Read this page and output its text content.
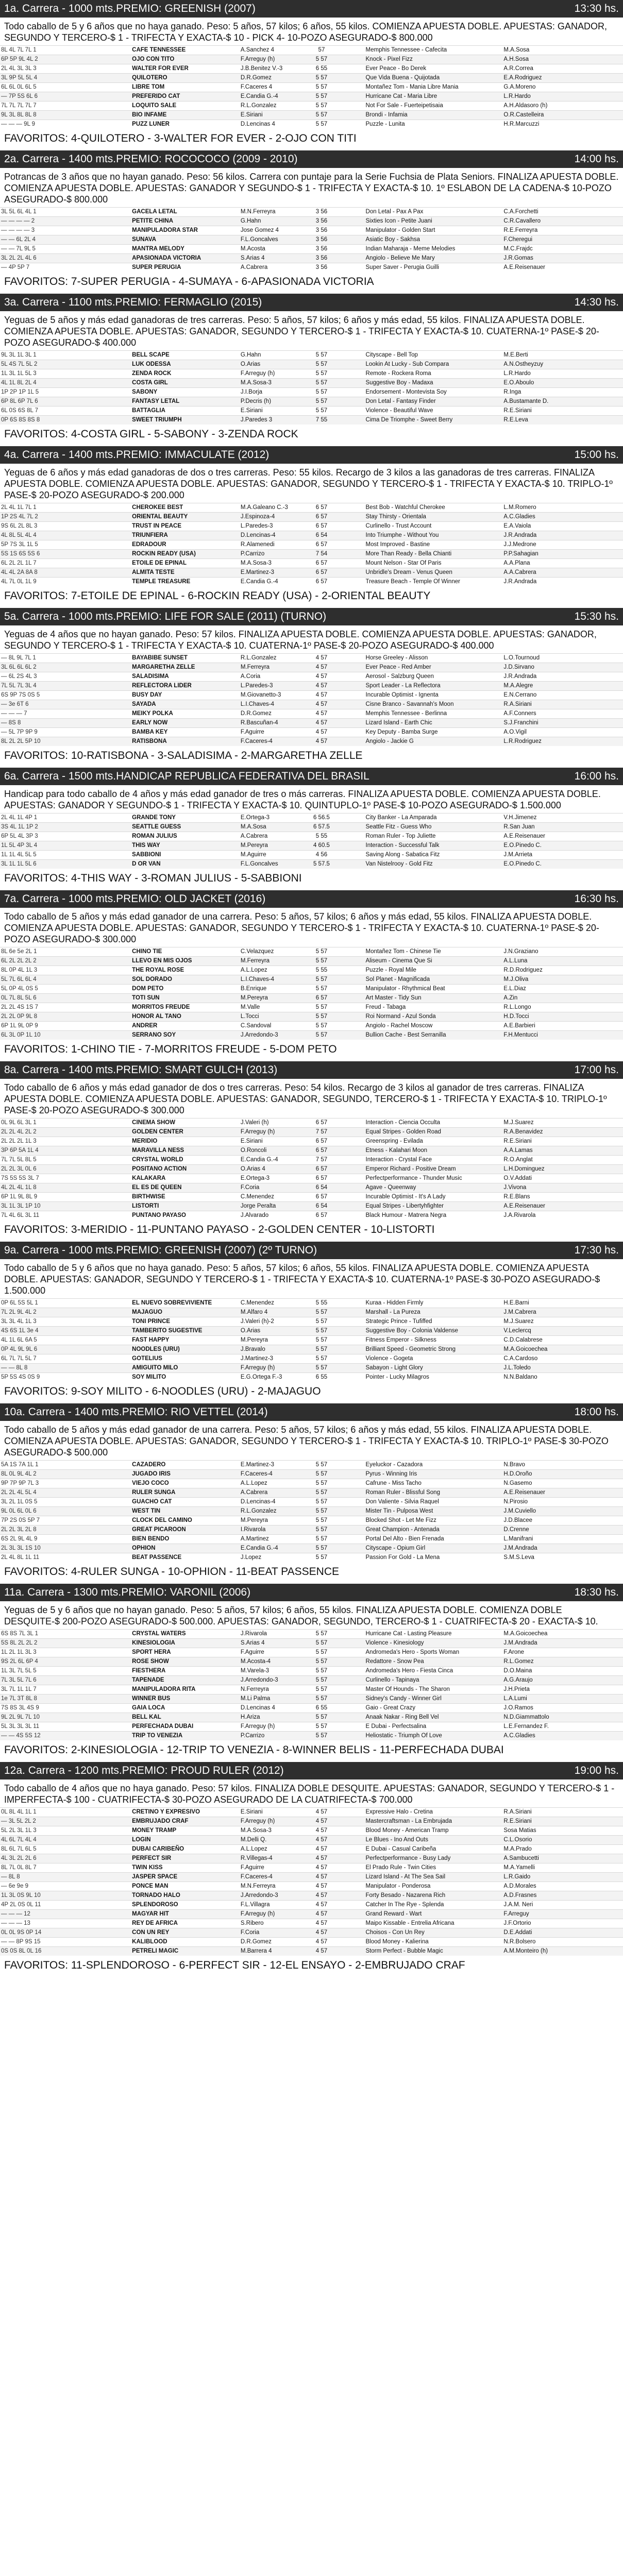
1a. Carrera - 1000 mts.PREMIO: GREENISH (2007)	13:30 hs.
Todo caballo de 5 y 6 años que no haya ganado. Peso: 5 años, 57 kilos; 6 años, 55 kilos. COMIENZA APUESTA DOBLE. APUESTAS: GANADOR, SEGUNDO Y TERCERO-$ 1 - TRIFECTA Y EXACTA-$ 10 - PICK 4- 10-POZO ASEGURADO-$ 800.000
8L 4L 7L 7L 1	CAFE TENNESSEE	A.Sanchez 4	57		Memphis Tennessee - Cafecita	M.A.Sosa
6P 5P 9L 4L 2	OJO CON TITO	F.Arreguy (h)	5 57		Knock - Pixel Fizz	A.H.Sosa
2L 4L 3L 3L 3	WALTER FOR EVER	J.B.Benitez V.-3	6 55		Ever Peace - Bo Derek	A.R.Correa
3L 9P 5L 5L 4	QUILOTERO	D.R.Gomez	5 57		Que Vida Buena - Quijotada	E.A.Rodriguez
6L 6L 0L 6L 5	LIBRE TOM	F.Caceres 4	5 57		Montañez Tom - Mania Libre Mania	G.A.Moreno
— 7P 5S 6L 6	PREFERIDO CAT	E.Candia G.-4	5 57		Hurricane Cat - Maria Libre	L.R.Hardo
7L 7L 7L 7L 7	LOQUITO SALE	R.L.Gonzalez	5 57		Not For Sale - Fuerteipetisaia	A.H.Aldasoro (h)
9L 3L 8L 8L 8	BIO INFAME	E.Siriani	5 57		Brondi - Infamia	O.R.Castelleira
— — — 9L 9	PUZZ LUNER	D.Lencinas 4	5 57		Puzzle - Lunita	H.R.Marcuzzi
FAVORITOS: 4-QUILOTERO - 3-WALTER FOR EVER - 2-OJO CON TITI
2a. Carrera - 1400 mts.PREMIO: ROCOCOCO (2009 - 2010)	14:00 hs.
Potrancas de 3 años que no hayan ganado. Peso: 56 kilos. Carrera con puntaje para la Serie Fuchsia de Plata Seniors. FINALIZA APUESTA DOBLE. COMIENZA APUESTA DOBLE. APUESTAS: GANADOR Y SEGUNDO-$ 1 - TRIFECTA Y EXACTA-$ 10. 1º ESLABON DE LA CADENA-$ 10-POZO ASEGURADO-$ 800.000
3L 5L 6L 4L 1	GACELA LETAL	M.N.Ferreyra	3 56		Don Letal - Pax A Pax	C.A.Forchetti
— — — — 2	PETITE CHINA	G.Hahn	3 56		Sixties Icon - Petite Juani	C.R.Cavallero
— — — — 3	MANIPULADORA STAR	Jose Gomez 4	3 56		Manipulator - Golden Start	R.E.Ferreyra
— — 6L 2L 4	SUNAVA	F.L.Goncalves	3 56		Asiatic Boy - Sakhsa	F.Cheregui
— — 7L 9L 5	MANTRA MELODY	M.Acosta	3 56		Indian Maharaja - Meme Melodies	M.C.Frajdc
3L 2L 2L 4L 6	APASIONADA VICTORIA	S.Arias 4	3 56		Angiolo - Believe Me Mary	J.R.Gomas
— 4P 5P 7	SUPER PERUGIA	A.Cabrera	3 56		Super Saver - Perugia Guilli	A.E.Reisenauer
FAVORITOS: 7-SUPER PERUGIA - 4-SUMAYA - 6-APASIONADA VICTORIA
3a. Carrera - 1100 mts.PREMIO: FERMAGLIO (2015)	14:30 hs.
Yeguas de 5 años y más edad ganadoras de tres carreras. Peso: 5 años, 57 kilos; 6 años y más edad, 55 kilos. FINALIZA APUESTA DOBLE. COMIENZA APUESTA DOBLE. APUESTAS: GANADOR, SEGUNDO Y TERCERO-$ 1 - TRIFECTA Y EXACTA-$ 10. CUATERNA-1º PASE-$ 20-POZO ASEGURADO-$ 400.000
9L 3L 1L 3L 1	BELL SCAPE	G.Hahn	5 57		Cityscape - Bell Top	M.E.Berti
5L 4S 7L 5L 2	LUK ODESSA	O.Arias	5 57		Lookin At Lucky - Sub Compara	A.N.Ostheyzuy
1L 3L 1L 5L 3	ZENDA ROCK	F.Arreguy (h)	5 57		Remote - Rockera Roma	L.R.Hardo
4L 1L 8L 2L 4	COSTA GIRL	M.A.Sosa-3	5 57		Suggestive Boy - Madaxa	E.O.Aboulo
1P 2P 1P 1L 5	SABONY	J.I.Borja	5 57		Endorsement - Montevista Soy	R.Inga
6P 8L 6P 7L 6	FANTASY LETAL	P.Decris (h)	5 57		Don Letal - Fantasy Finder	A.Bustamante D.
6L 0S 6S 8L 7	BATTAGLIA	E.Siriani	5 57		Violence - Beautiful Wave	R.E.Siriani
0P 6S 8S 8S 8	SWEET TRIUMPH	J.Paredes 3	7 55		Cima De Triomphe - Sweet Berry	R.E.Leva
FAVORITOS: 4-COSTA GIRL - 5-SABONY - 3-ZENDA ROCK
4a. Carrera - 1400 mts.PREMIO: IMMACULATE (2012)	15:00 hs.
Yeguas de 6 años y más edad ganadoras de dos o tres carreras. Peso: 55 kilos. Recargo de 3 kilos a las ganadoras de tres carreras. FINALIZA APUESTA DOBLE. COMIENZA APUESTA DOBLE. APUESTAS: GANADOR, SEGUNDO Y TERCERO-$ 1 - TRIFECTA Y EXACTA-$ 10. TRIPLO-1º PASE-$ 20-POZO ASEGURADO-$ 200.000
2L 4L 1L 7L 1	CHEROKEE BEST	M.A.Galeano C.-3	6 57		Best Bob - Watchful Cherokee	L.M.Romero
1P 2S 4L 7L 2	ORIENTAL BEAUTY	J.Espinoza-4	6 57		Stay Thirsty - Orientala	A.C.Gladies
9S 6L 2L 8L 3	TRUST IN PEACE	L.Paredes-3	6 57		Curlinello - Trust Account	E.A.Vaiola
4L 8L 5L 4L 4	TRIUNFIERA	D.Lencinas-4	6 54		Into Triumphe - Without You	J.R.Andrada
5P 7S 3L 1L 5	EDRADOUR	R.Alamenedi	6 57		Most Improved - Bastine	J.J.Medrone
5S 1S 6S 5S 6	ROCKIN READY (USA)	P.Carrizo	7 54		More Than Ready - Bella Chianti	P.P.Sahagian
6L 2L 2L 1L 7	ETOILE DE EPINAL	M.A.Sosa-3	6 57		Mount Nelson - Star Of Paris	A.A.Plana
4L 4L 2A 8A 8	ALMITA TESTE	E.Martinez-3	6 57		Unbridle's Dream - Venus Queen	A.A.Cabrera
4L 7L 0L 1L 9	TEMPLE TREASURE	E.Candia G.-4	6 57		Treasure Beach - Temple Of Winner	J.R.Andrada
FAVORITOS: 7-ETOILE DE EPINAL - 6-ROCKIN READY (USA) - 2-ORIENTAL BEAUTY
5a. Carrera - 1000 mts.PREMIO: LIFE FOR SALE (2011) (TURNO)	15:30 hs.
Yeguas de 4 años que no hayan ganado. Peso: 57 kilos. FINALIZA APUESTA DOBLE. COMIENZA APUESTA DOBLE. APUESTAS: GANADOR, SEGUNDO Y TERCERO-$ 1 - TRIFECTA Y EXACTA-$ 10. CUATERNA-1º PASE-$ 20-POZO ASEGURADO-$ 400.000
— 8L 9L 7L 1	BAYABIBE SUNSET	R.L.Gonzalez	4 57		Horse Greeley - Alisson	L.O.Tournoud
3L 6L 6L 6L 2	MARGARETHA ZELLE	M.Ferreyra	4 57		Ever Peace - Red Amber	J.D.Sirvano
— 6L 2S 4L 3	SALADISIMA	A.Coria	4 57		Aerosol - Salzburg Queen	J.R.Andrada
7L 5L 7L 3L 4	REFLECTORA LIDER	L.Paredes-3	4 57		Sport Leader - La Reflectora	M.A.Alegre
6S 9P 7S 0S 5	BUSY DAY	M.Giovanetto-3	4 57		Incurable Optimist - Ignenta	E.N.Cerrano
— 3e 6T 6	SAYADA	L.I.Chaves-4	4 57		Cisne Branco - Savannah's Moon	R.A.Siriani
— — — 7	MEIKY POLKA	D.R.Gomez	4 57		Memphis Tennessee - Berlinna	A.F.Conners
— 8S 8	EARLY NOW	R.Bascuñan-4	4 57		Lizard Island - Earth Chic	S.J.Franchini
— 5L 7P 9P 9	BAMBA KEY	F.Aguirre	4 57		Key Deputy - Bamba Surge	A.O.Vigil
8L 2L 2L 5P 10	RATISBONA	F.Caceres-4	4 57		Angiolo - Jackie G	L.R.Rodriguez
FAVORITOS: 10-RATISBONA - 3-SALADISIMA - 2-MARGARETHA ZELLE
6a. Carrera - 1500 mts.HANDICAP REPUBLICA FEDERATIVA DEL BRASIL	16:00 hs.
Handicap para todo caballo de 4 años y más edad ganador de tres o más carreras. FINALIZA APUESTA DOBLE. COMIENZA APUESTA DOBLE. APUESTAS: GANADOR Y SEGUNDO-$ 1 - TRIFECTA Y EXACTA-$ 10. QUINTUPLO-1º PASE-$ 10-POZO ASEGURADO-$ 1.500.000
2L 4L 1L 4P 1	GRANDE TONY	E.Ortega-3	6 56.5		City Banker - La Amparada	V.H.Jimenez
3S 4L 1L 1P 2	SEATTLE GUESS	M.A.Sosa	6 57.5		Seattle Fitz - Guess Who	R.San Juan
6P 5L 4L 3P 3	ROMAN JULIUS	A.Cabrera	5 55		Roman Ruler - Top Juliette	A.E.Reisenauer
1L 5L 4P 3L 4	THIS WAY	M.Pereyra	4 60.5		Interaction - Successful Talk	E.O.Pinedo C.
1L 1L 4L 5L 5	SABBIONI	M.Aguirre	4 56		Saving Along - Sabatica Fitz	J.M.Arrieta
3L 1L 1L 5L 6	D OR VAN	F.L.Goncalves	5 57.5		Van Nistelrooy - Gold Fitz	E.O.Pinedo C.
FAVORITOS: 4-THIS WAY - 3-ROMAN JULIUS - 5-SABBIONI
7a. Carrera - 1000 mts.PREMIO: OLD JACKET (2016)	16:30 hs.
Todo caballo de 5 años y más edad ganador de una carrera. Peso: 5 años, 57 kilos; 6 años y más edad, 55 kilos. FINALIZA APUESTA DOBLE. COMIENZA APUESTA DOBLE. APUESTAS: GANADOR, SEGUNDO Y TERCERO-$ 1 - TRIFECTA Y EXACTA-$ 10. CUATERNA-1º PASE-$ 20-POZO ASEGURADO-$ 300.000
8L 6e 5e 2L 1	CHINO TIE	C.Velazquez	5 57		Montañez Tom - Chinese Tie	J.N.Graziano
6L 2L 2L 2L 2	LLEVO EN MIS OJOS	M.Ferreyra	5 57		Aliseum - Cinema Que Si	A.L.Luna
8L 0P 4L 1L 3	THE ROYAL ROSE	A.L.Lopez	5 55		Puzzle - Royal Mile	R.D.Rodriguez
5L 7L 6L 6L 4	SOL DORADO	L.I.Chaves-4	5 57		Sol Planet - Magnificada	M.J.Oliva
5L 0P 4L 0S 5	DOM PETO	B.Enrique	5 57		Manipulator - Rhythmical Beat	E.L.Diaz
0L 7L 8L 5L 6	TOTI SUN	M.Pereyra	6 57		Art Master - Tidy Sun	A.Zin
2L 2L 4S 1S 7	MORRITOS FREUDE	M.Valle	5 57		Freud - Tabaga	R.L.Longo
2L 2L 0P 9L 8	HONOR AL TANO	L.Tocci	5 57		Roi Normand - Azul Sonda	H.D.Tocci
6P 1L 9L 0P 9	ANDRER	C.Sandoval	5 57		Angiolo - Rachel Moscow	A.E.Barbieri
6L 3L 0P 1L 10	SERRANO SOY	J.Arredondo-3	5 57		Bullion Cache - Best Serranilla	F.H.Mentucci
FAVORITOS: 1-CHINO TIE - 7-MORRITOS FREUDE - 5-DOM PETO
8a. Carrera - 1400 mts.PREMIO: SMART GULCH (2013)	17:00 hs.
Todo caballo de 6 años y más edad ganador de dos o tres carreras. Peso: 54 kilos. Recargo de 3 kilos al ganador de tres carreras. FINALIZA APUESTA DOBLE. COMIENZA APUESTA DOBLE. APUESTAS: GANADOR, SEGUNDO, TERCERO-$ 1 - TRIFECTA Y EXACTA-$ 10. TRIPLO-1º PASE-$ 20-POZO ASEGURADO-$ 300.000
0L 9L 6L 3L 1	CINEMA SHOW	J.Valeri (h)	6 57		Interaction - Ciencia Occulta	M.J.Suarez
2L 2L 4L 2L 2	GOLDEN CENTER	F.Arreguy (h)	7 57		Equal Stripes - Golden Road	R.A.Benavidez
2L 2L 2L 1L 3	MERIDIO	E.Siriani	6 57		Greenspring - Evilada	R.E.Siriani
3P 6P 5A 1L 4	MARAVILLA NESS	O.Roncoli	6 57		Etness - Kalahari Moon	A.A.Lamas
7L 7L 5L 8L 5	CRYSTAL WORLD	E.Candia G.-4	7 57		Interaction - Crystal Face	R.O.Anglat
2L 2L 3L 0L 6	POSITANO ACTION	O.Arias 4	6 57		Emperor Richard - Positive Dream	L.H.Dominguez
7S 5S 5S 3L 7	KALAKARA	E.Ortega-3	6 57		Perfectperformance - Thunder Music	O.V.Addati
4L 2L 4L 1L 8	EL ES DE QUEEN	F.Coria	6 54		Agave - Queenway	J.Vivona
6P 1L 9L 8L 9	BIRTHWISE	C.Menendez	6 57		Incurable Optimist - It's A Lady	R.E.Blans
3L 1L 3L 1P 10	LISTORTI	Jorge Peralta	6 54		Equal Stripes - Libertyhfighter	A.E.Reisenauer
7L 4L 6L 3L 11	PUNTANO PAYASO	J.Alvarado	6 57		Black Humour - Matrera Negra	J.A.Rivarola
FAVORITOS: 3-MERIDIO - 11-PUNTANO PAYASO - 2-GOLDEN CENTER - 10-LISTORTI
9a. Carrera - 1000 mts.PREMIO: GREENISH (2007) (2º TURNO)	17:30 hs.
Todo caballo de 5 y 6 años que no haya ganado. Peso: 5 años, 57 kilos; 6 años, 55 kilos. FINALIZA APUESTA DOBLE. COMIENZA APUESTA DOBLE. APUESTAS: GANADOR, SEGUNDO Y TERCERO-$ 1 - TRIFECTA Y EXACTA-$ 10. CUATERNA-1º PASE-$ 30-POZO ASEGURADO-$ 1.500.000
0P 6L 5S 5L 1	EL NUEVO SOBREVIVIENTE	C.Menendez	5 55		Kuraa - Hidden Firmly	H.E.Barni
7L 2L 9L 4L 2	MAJAGUO	M.Alfaro 4	5 57		Marshall - La Pureza	J.M.Cabrera
3L 3L 4L 1L 3	TONI PRINCE	J.Valeri (h)-2	5 57		Strategic Prince - Tufiffed	M.J.Suarez
4S 6S 1L 3e 4	TAMBERITO SUGESTIVE	O.Arias	5 57		Suggestive Boy - Colonia Valdense	V.Leclercq
4L 1L 6L 6A 5	FAST HAPPY	M.Pereyra	5 57		Fitness Emperor - Silkness	C.D.Calabrese
0P 4L 9L 9L 6	NOODLES (URU)	J.Bravalo	5 57		Brilliant Speed - Geometric Strong	M.A.Goicoechea
6L 7L 7L 5L 7	GOTELIUS	J.Martinez-3	5 57		Violence - Gogeta	C.A.Cardoso
— — 8L 8	AMIGUITO MILO	F.Arreguy (h)	5 57		Sabayon - Light Glory	J.L.Toledo
5P 5S 4S 0S 9	SOY MILITO	E.G.Ortega F.-3	6 55		Pointer - Lucky Milagros	N.N.Baldano
FAVORITOS: 9-SOY MILITO - 6-NOODLES (URU) - 2-MAJAGUO
10a. Carrera - 1400 mts.PREMIO: RIO VETTEL (2014)	18:00 hs.
Todo caballo de 5 años y más edad ganador de una carrera. Peso: 5 años, 57 kilos; 6 años y más edad, 55 kilos. FINALIZA APUESTA DOBLE. COMIENZA APUESTA DOBLE. APUESTAS: GANADOR, SEGUNDO Y TERCERO-$ 1 - TRIFECTA Y EXACTA-$ 10. TRIPLO-1º PASE-$ 30-POZO ASEGURADO-$ 500.000
5A 1S 7A 1L 1	CAZADERO	E.Martinez-3	5 57		Eyeluckor - Cazadora	N.Bravo
8L 0L 9L 4L 2	JUGADO IRIS	F.Caceres-4	5 57		Pyrus - Winning Iris	H.D.Oroño
9P 7P 9P 7L 3	VIEJO COCO	A.L.Lopez	5 57		Cafrune - Miss Tacho	N.Gasemo
2L 2L 4L 5L 4	RULER SUNGA	A.Cabrera	5 57		Roman Ruler - Blissful Song	A.E.Reisenauer
3L 2L 1L 0S 5	GUACHO CAT	D.Lencinas-4	5 57		Don Valiente - Silvia Raquel	N.Pirosio
9L 0L 6L 0L 6	WEST TIN	R.L.Gonzalez	5 57		Mister Tin - Pulposa West	J.M.Cuviello
7P 2S 0S 5P 7	CLOCK DEL CAMINO	M.Pereyra	5 57		Blocked Shot - Let Me Fizz	J.D.Blacee
2L 2L 3L 2L 8	GREAT PICAROON	I.Rivarola	5 57		Great Champion - Antenada	D.Crenne
6S 2L 9L 4L 9	BIEN BENDO	A.Martinez	5 57		Portal Del Alto - Bien Frenada	L.Manifrani
2L 3L 3L 1S 10	OPHION	E.Candia G.-4	5 57		Cityscape - Opium Girl	J.M.Andrada
2L 4L 8L 1L 11	BEAT PASSENCE	J.Lopez	5 57		Passion For Gold - La Mena	S.M.S.Leva
FAVORITOS: 4-RULER SUNGA - 10-OPHION - 11-BEAT PASSENCE
11a. Carrera - 1300 mts.PREMIO: VARONIL (2006)	18:30 hs.
Yeguas de 5 y 6 años que no hayan ganado. Peso: 5 años, 57 kilos; 6 años, 55 kilos. FINALIZA APUESTA DOBLE. COMIENZA DOBLE DESQUITE-$ 200-POZO ASEGURADO-$ 500.000. APUESTAS: GANADOR, SEGUNDO, TERCERO-$ 1 - CUATRIFECTA-$ 20 - EXACTA-$ 10.
6S 8S 7L 3L 1	CRYSTAL WATERS	J.Rivarola	5 57		Hurricane Cat - Lasting Pleasure	M.A.Goicoechea
5S 8L 2L 2L 2	KINESIOLOGIA	S.Arias 4	5 57		Violence - Kinesiology	J.M.Andrada
1L 2L 1L 3L 3	SPORT HERA	F.Aguirre	5 57		Andromeda's Hero - Sports Woman	F.Arone
9S 2L 6L 6P 4	ROSE SHOW	M.Acosta-4	5 57		Redattore - Snow Pea	R.L.Gomez
1L 3L 7L 5L 5	FIESTHERA	M.Varela-3	5 57		Andromeda's Hero - Fiesta Cinca	D.O.Maina
7L 3L 5L 7L 6	TAPENADE	J.Arredondo-3	5 57		Curlinello - Tapinaya	A.G.Araujo
3L 7L 1L 1L 7	MANIPULADORA RITA	N.Ferreyra	5 57		Master Of Hounds - The Sharon	J.H.Prieta
1e 7L 3T 8L 8	WINNER BUS	M.Li Palma	5 57		Sidney's Candy - Winner Girl	L.A.Lumi
7S 8S 3L 4S 9	GAIA LOCA	D.Lencinas 4	6 55		Gaio - Great Crazy	J.O.Ramos
9L 2L 9L 7L 10	BELL KAL	H.Ariza	5 57		Anaak Nakar - Ring Bell Vel	N.D.Giammattolo
5L 3L 3L 3L 11	PERFECHADA DUBAI	F.Arreguy (h)	5 57		E Dubai - Perfectsalina	L.E.Fernandez F.
— — 4S 5S 12	TRIP TO VENEZIA	P.Carrizo	5 57		Heliostatic - Triumph Of Love	A.C.Gladies
FAVORITOS: 2-KINESIOLOGIA - 12-TRIP TO VENEZIA - 8-WINNER BELIS - 11-PERFECHADA DUBAI
12a. Carrera - 1200 mts.PREMIO: PROUD RULER (2012)	19:00 hs.
Todo caballo de 4 años que no haya ganado. Peso: 57 kilos. FINALIZA DOBLE DESQUITE. APUESTAS: GANADOR, SEGUNDO Y TERCERO-$ 1 - IMPERFECTA-$ 100 - CUATRIFECTA-$ 30-POZO ASEGURADO DE LA CUATRIFECTA-$ 700.000
0L 8L 4L 1L 1	CRETINO Y EXPRESIVO	E.Siriani	4 57		Expressive Halo - Cretina	R.A.Siriani
— 3L 5L 2L 2	EMBRUJADO CRAF	F.Arreguy (h)	4 57		Mastercraftsman - La Embrujada	R.E.Siriani
5L 2L 3L 1L 3	MONEY TRAMP	M.A.Sosa-3	4 57		Blood Money - American Tramp	Sosa Matias
4L 6L 7L 4L 4	LOGIN	M.Delli Q.	4 57		Le Blues - Ino And Outs	C.L.Osorio
8L 6L 7L 6L 5	DUBAI CARIBEÑO	A.L.Lopez	4 57		E Dubai - Casual Caribeña	M.A.Prado
4L 3L 2L 2L 6	PERFECT SIR	R.Villegas-4	4 57		Perfectperformance - Busy Lady	A.Sambucetti
8L 7L 0L 8L 7	TWIN KISS	F.Aguirre	4 57		El Prado Rule - Twin Cities	M.A.Yamelli
— 8L 8	JASPER SPACE	F.Caceres-4	4 57		Lizard Island - At The Sea Sail	L.R.Gaido
— 6e 9e 9	PONCE MAN	M.N.Ferreyra	4 57		Manipulator - Ponderosa	A.D.Morales
1L 3L 0S 9L 10	TORNADO HALO	J.Arredondo-3	4 57		Forty Besado - Nazarena Rich	A.D.Frasnes
4P 2L 0S 0L 11	SPLENDOROSO	F.L.Villagra	4 57		Catcher In The Rye - Splenda	J.A.M. Neri
— — — 12	MAGYAR HIT	F.Arreguy (h)	4 57		Grand Reward - Wart	F.Arreguy
— — — 13	REY DE AFRICA	S.Ribero	4 57		Maipo Kissable - Entrelia Africana	J.F.Ortorio
0L 0L 9S 0P 14	CON UN REY	F.Coria	4 57		Choisos - Con Un Rey	D.E.Addati
— — 8P 9S 15	KALIBLOOD	D.R.Gomez	4 57		Blood Money - Kalierina	N.R.Bolsero
0S 0S 8L 0L 16	PETRELI MAGIC	M.Barrera 4	4 57		Storm Perfect - Bubble Magic	A.M.Monteiro (h)
FAVORITOS: 11-SPLENDOROSO - 6-PERFECT SIR - 12-EL ENSAYO - 2-EMBRUJADO CRAF
